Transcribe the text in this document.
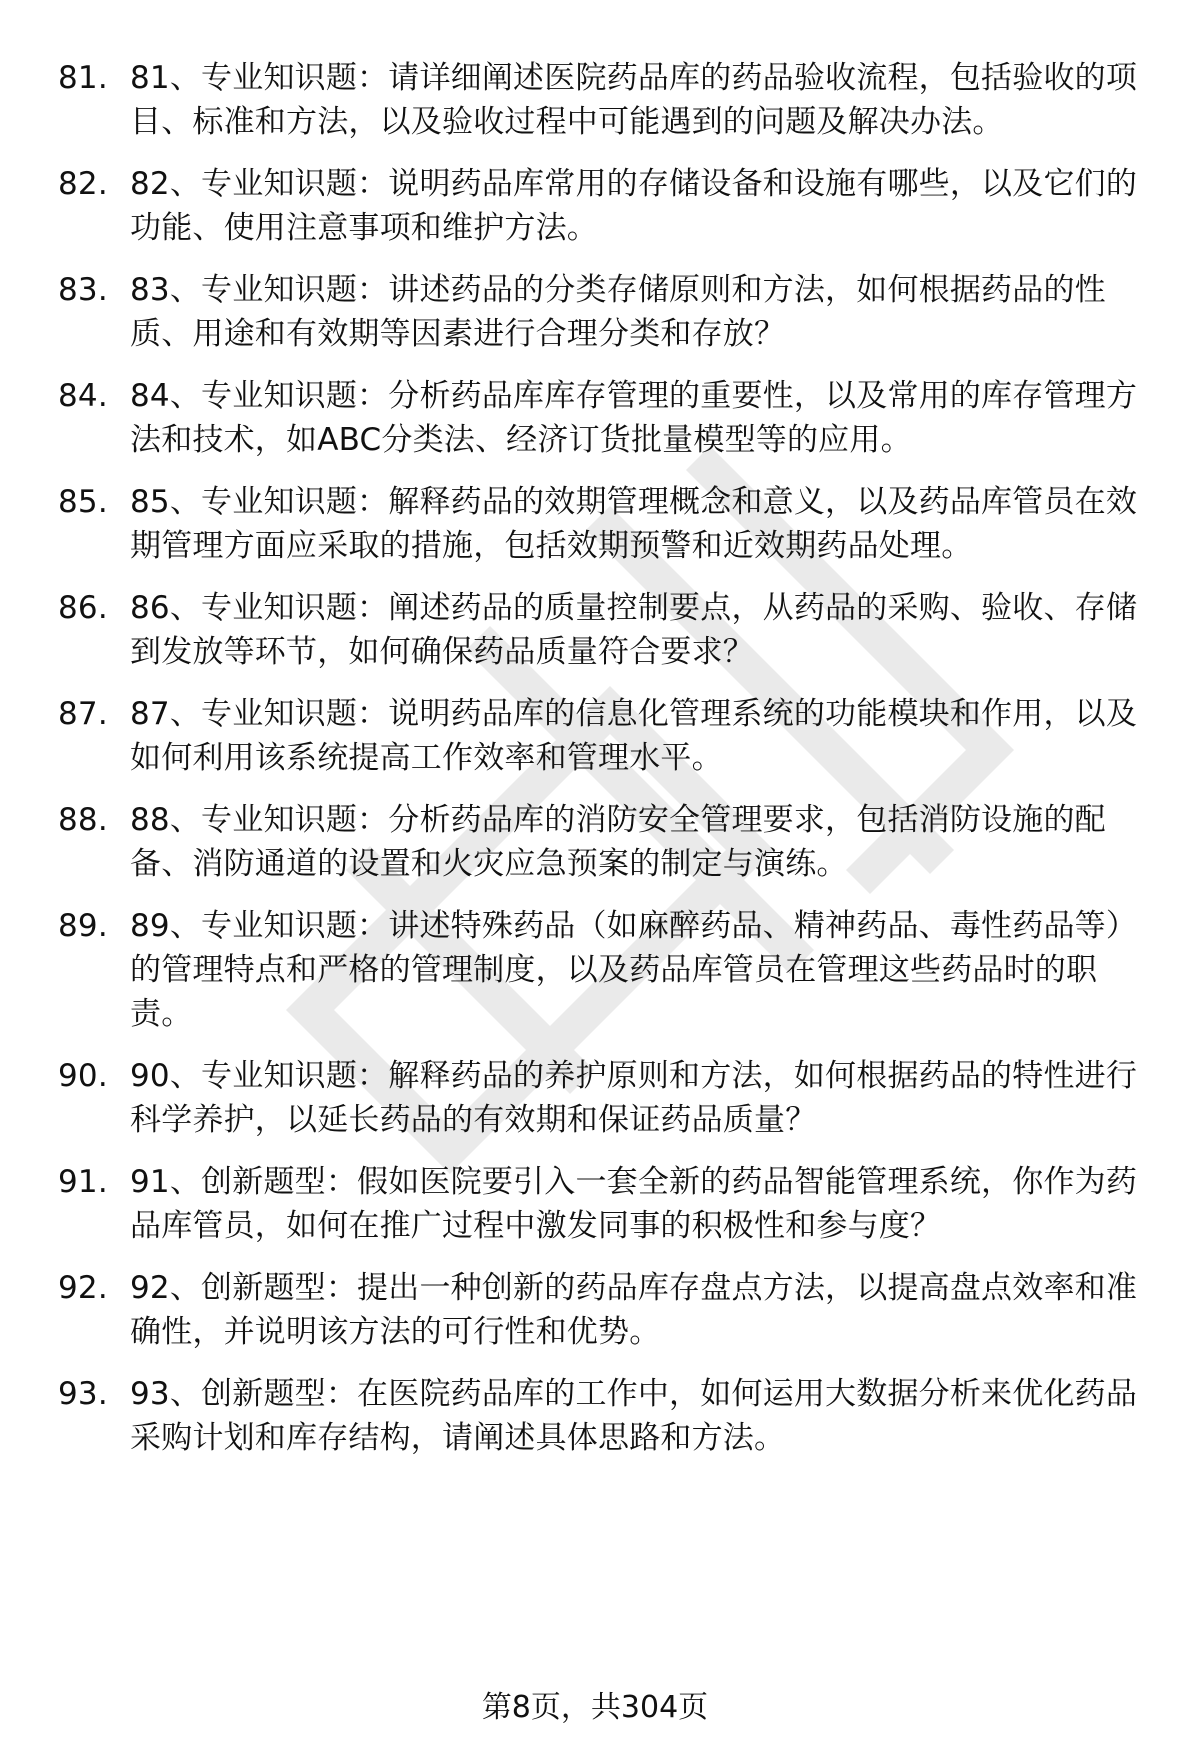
81. 81、专业知识题：请详细阐述医院药品库的药品验收流程，包括验收的项目、标准和方法，以及验收过程中可能遇到的问题及解决办法。
82. 82、专业知识题：说明药品库常用的存储设备和设施有哪些，以及它们的功能、使用注意事项和维护方法。
83. 83、专业知识题：讲述药品的分类存储原则和方法，如何根据药品的性质、用途和有效期等因素进行合理分类和存放？
84. 84、专业知识题：分析药品库库存管理的重要性，以及常用的库存管理方法和技术，如ABC分类法、经济订货批量模型等的应用。
85. 85、专业知识题：解释药品的效期管理概念和意义，以及药品库管员在效期管理方面应采取的措施，包括效期预警和近效期药品处理。
86. 86、专业知识题：阐述药品的质量控制要点，从药品的采购、验收、存储到发放等环节，如何确保药品质量符合要求？
87. 87、专业知识题：说明药品库的信息化管理系统的功能模块和作用，以及如何利用该系统提高工作效率和管理水平。
88. 88、专业知识题：分析药品库的消防安全管理要求，包括消防设施的配备、消防通道的设置和火灾应急预案的制定与演练。
89. 89、专业知识题：讲述特殊药品（如麻醉药品、精神药品、毒性药品等）的管理特点和严格的管理制度，以及药品库管员在管理这些药品时的职责。
90. 90、专业知识题：解释药品的养护原则和方法，如何根据药品的特性进行科学养护，以延长药品的有效期和保证药品质量？
91. 91、创新题型：假如医院要引入一套全新的药品智能管理系统，你作为药品库管员，如何在推广过程中激发同事的积极性和参与度？
92. 92、创新题型：提出一种创新的药品库存盘点方法，以提高盘点效率和准确性，并说明该方法的可行性和优势。
93. 93、创新题型：在医院药品库的工作中，如何运用大数据分析来优化药品采购计划和库存结构，请阐述具体思路和方法。
第8页，共304页
